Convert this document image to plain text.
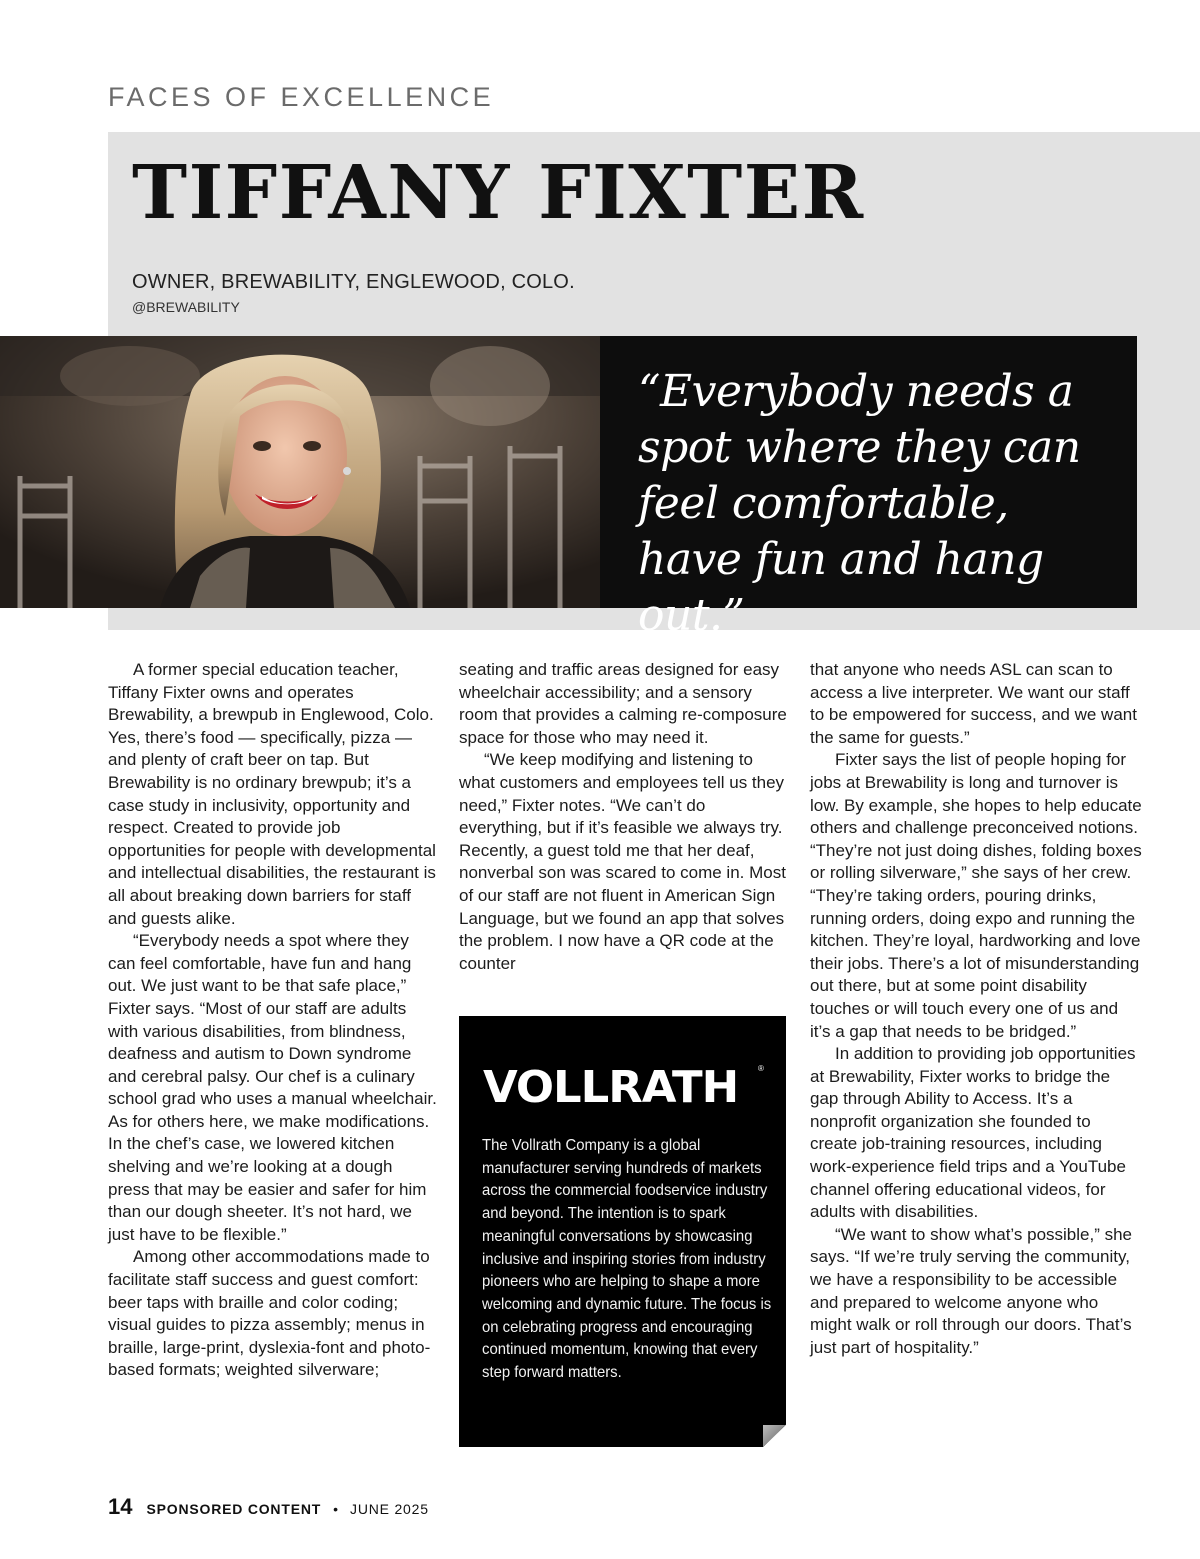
FACES OF EXCELLENCE
TIFFANY FIXTER
OWNER, BREWABILITY, ENGLEWOOD, COLO.
@BREWABILITY
“Everybody needs a spot where they can feel comfortable, have fun and hang out.”

A former special education teacher, Tiffany Fixter owns and operates Brewability, a brewpub in Englewood, Colo. Yes, there’s food — specifically, pizza — and plenty of craft beer on tap. But Brewability is no ordinary brewpub; it’s a case study in inclusivity, opportunity and respect. Created to provide job opportunities for people with developmental and intellectual disabilities, the restaurant is all about breaking down barriers for staff and guests alike.

“Everybody needs a spot where they can feel comfortable, have fun and hang out. We just want to be that safe place,” Fixter says. “Most of our staff are adults with various disabilities, from blindness, deafness and autism to Down syndrome and cerebral palsy. Our chef is a culinary school grad who uses a manual wheelchair. As for others here, we make modifications. In the chef’s case, we lowered kitchen shelving and we’re looking at a dough press that may be easier and safer for him than our dough sheeter. It’s not hard, we just have to be flexible.”

Among other accommodations made to facilitate staff success and guest comfort: beer taps with braille and color coding; visual guides to pizza assembly; menus in braille, large-print, dyslexia-font and photo-based formats; weighted silverware;

seating and traffic areas designed for easy wheelchair accessibility; and a sensory room that provides a calming re-composure space for those who may need it.

“We keep modifying and listening to what customers and employees tell us they need,” Fixter notes. “We can’t do everything, but if it’s feasible we always try. Recently, a guest told me that her deaf, nonverbal son was scared to come in. Most of our staff are not fluent in American Sign Language, but we found an app that solves the problem. I now have a QR code at the counter

that anyone who needs ASL can scan to access a live interpreter. We want our staff to be empowered for success, and we want the same for guests.”

Fixter says the list of people hoping for jobs at Brewability is long and turnover is low. By example, she hopes to help educate others and challenge preconceived notions. “They’re not just doing dishes, folding boxes or rolling silverware,” she says of her crew. “They’re taking orders, pouring drinks, running orders, doing expo and running the kitchen. They’re loyal, hardworking and love their jobs. There’s a lot of misunderstanding out there, but at some point disability touches or will touch every one of us and it’s a gap that needs to be bridged.”

In addition to providing job opportunities at Brewability, Fixter works to bridge the gap through Ability to Access. It’s a nonprofit organization she founded to create job-training resources, including work-experience field trips and a YouTube channel offering educational videos, for adults with disabilities.

“We want to show what’s possible,” she says. “If we’re truly serving the community, we have a responsibility to be accessible and prepared to welcome anyone who might walk or roll through our doors. That’s just part of hospitality.”

VOLLRATH ®
The Vollrath Company is a global manufacturer serving hundreds of markets across the commercial foodservice industry and beyond. The intention is to spark meaningful conversations by showcasing inclusive and inspiring stories from industry pioneers who are helping to shape a more welcoming and dynamic future. The focus is on celebrating progress and encouraging continued momentum, knowing that every step forward matters.
14 SPONSORED CONTENT • JUNE 2025
